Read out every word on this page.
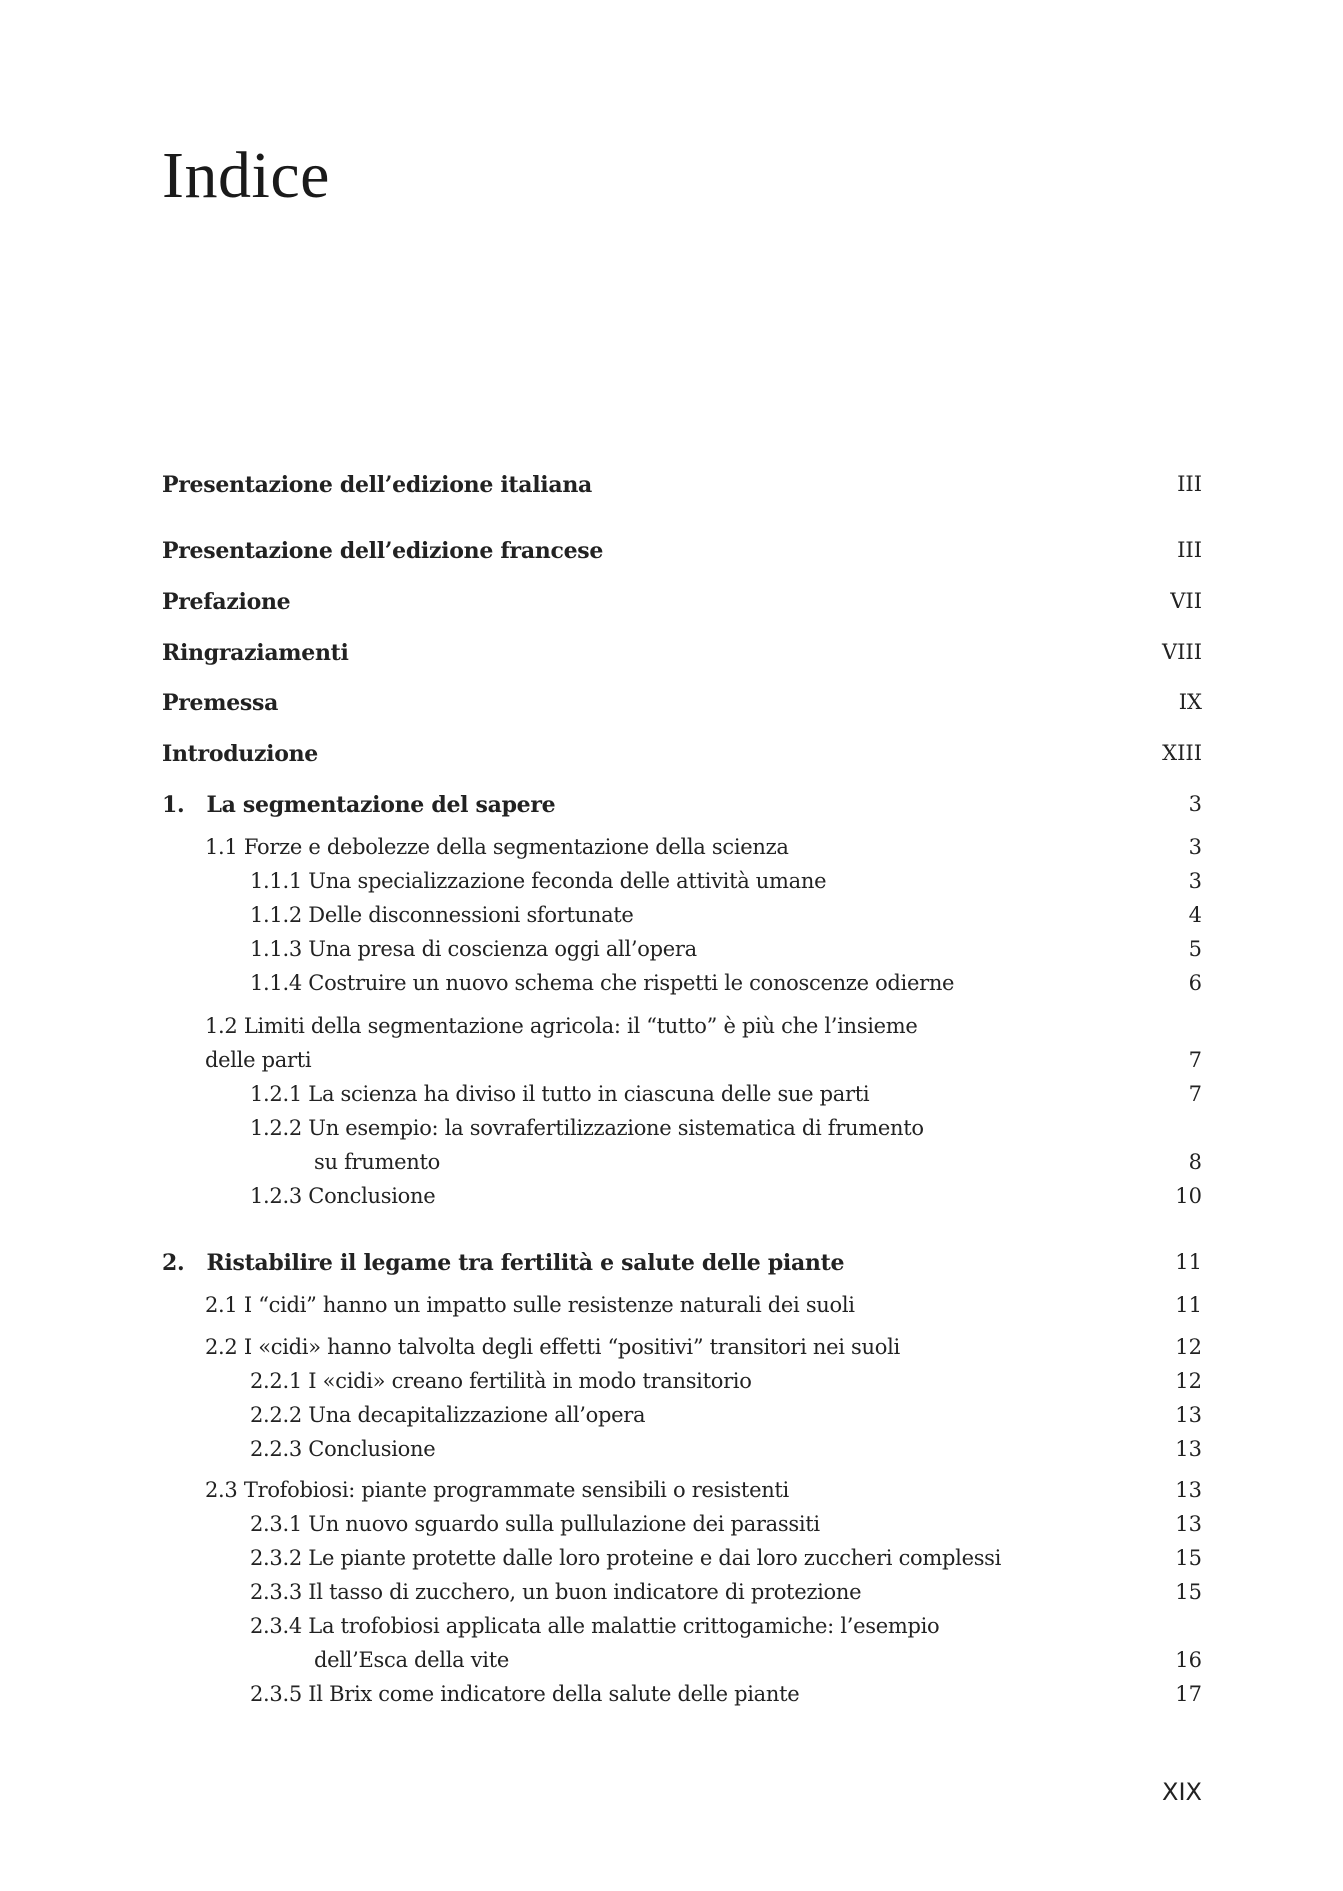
Indice
Presentazione dell’edizione italiana	III
Presentazione dell’edizione francese	III
Prefazione	VII
Ringraziamenti	VIII
Premessa	IX
Introduzione	XIII
1.   La segmentazione del sapere	3
1.1 Forze e debolezze della segmentazione della scienza	3
1.1.1 Una specializzazione feconda delle attività umane	3
1.1.2 Delle disconnessioni sfortunate	4
1.1.3 Una presa di coscienza oggi all’opera	5
1.1.4 Costruire un nuovo schema che rispetti le conoscenze odierne	6
1.2 Limiti della segmentazione agricola: il “tutto” è più che l’insieme
delle parti	7
1.2.1 La scienza ha diviso il tutto in ciascuna delle sue parti	7
1.2.2 Un esempio: la sovrafertilizzazione sistematica di frumento
su frumento	8
1.2.3 Conclusione	10
2.   Ristabilire il legame tra fertilità e salute delle piante	11
2.1 I “cidi” hanno un impatto sulle resistenze naturali dei suoli	11
2.2 I «cidi» hanno talvolta degli effetti “positivi” transitori nei suoli	12
2.2.1 I «cidi» creano fertilità in modo transitorio	12
2.2.2 Una decapitalizzazione all’opera	13
2.2.3 Conclusione	13
2.3 Trofobiosi: piante programmate sensibili o resistenti	13
2.3.1 Un nuovo sguardo sulla pullulazione dei parassiti	13
2.3.2 Le piante protette dalle loro proteine e dai loro zuccheri complessi	15
2.3.3 Il tasso di zucchero, un buon indicatore di protezione	15
2.3.4 La trofobiosi applicata alle malattie crittogamiche: l’esempio
dell’Esca della vite	16
2.3.5 Il Brix come indicatore della salute delle piante	17
XIX
